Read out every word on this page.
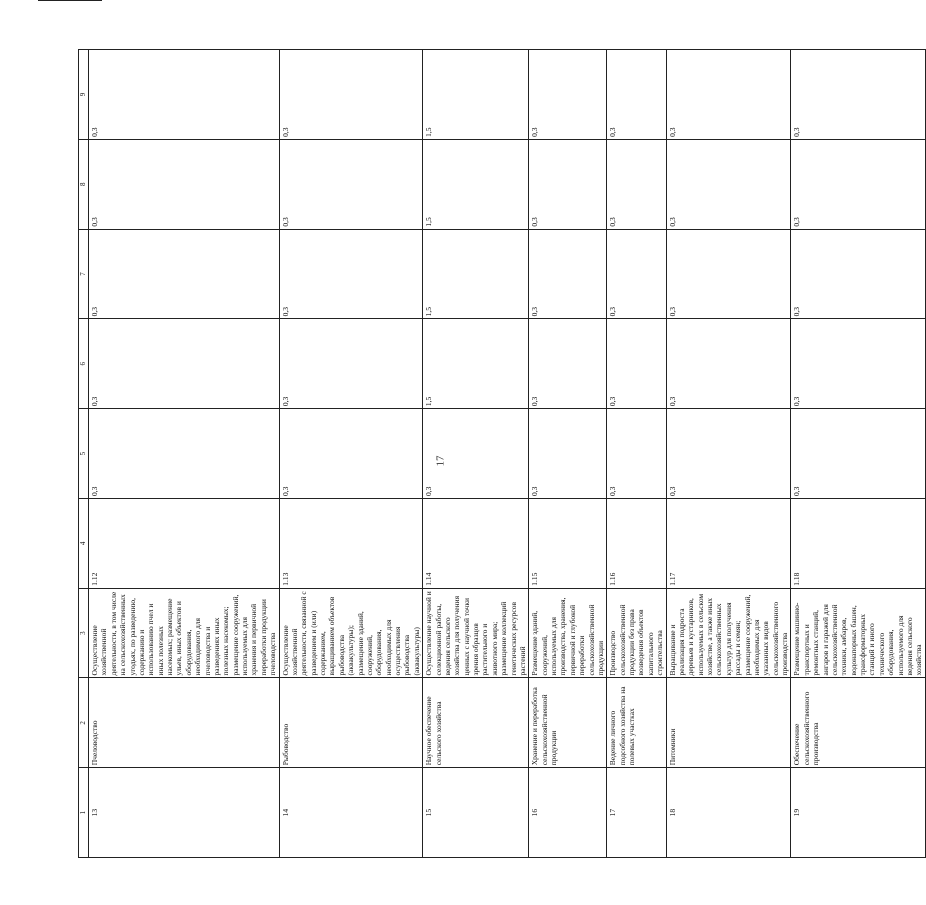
17
1	2	3	4	5	6	7	8	9
13	Пчеловодство	Осуществление хозяйственной деятельности, в том числе на сельскохозяйственных угодьях, по разведению, содержанию и использованию пчел и иных полезных насекомых; размещение ульев, иных объектов и оборудования, необходимого для пчеловодства и разведениях иных полезных насекомых; размещение сооружений, используемых для хранения и первичной переработки продукции пчеловодства	1.12	0,3	0,3	0,3	0,3	0,3
14	Рыбоводство	Осуществление хозяйственной деятельности, связанной с разведением и (или) содержанием, выращиванием объектов рыбоводства (аквакультуры); размещение зданий, сооружений, оборудования, необходимых для осуществления рыбоводства (аквакультуры)	1.13	0,3	0,3	0,3	0,3	0,3
15	Научное обеспечение сельского хозяйства	Осуществление научной и селекционной работы, ведения сельского хозяйства для получения ценных с научной точки зрения образцов растительного и животного мира; размещение коллекций генетических ресурсов растений	1.14	0,3	1,5	1,5	1,5	1,5
16	Хранение и переработка сельскохозяйственной продукции	Размещение зданий, сооружений, используемых для производства, хранения, первичной и глубокой переработки сельскохозяйственной продукции	1.15	0,3	0,3	0,3	0,3	0,3
17	Ведение личного подсобного хозяйства на полевых участках	Производство сельскохозяйственной продукции без права возведения объектов капитального строительства	1.16	0,3	0,3	0,3	0,3	0,3
18	Питомники	Выращивание и реализация подроста деревьев и кустарников, используемых в сельском хозяйстве, а также иных сельскохозяйственных культур для получения рассады и семян; размещение сооружений, необходимых для указанных видов сельскохозяйственного производства	1.17	0,3	0,3	0,3	0,3	0,3
19	Обеспечение сельскохозяйственного производства	Размещение машинно-транспортных и ремонтных станций, ангаров и гаражей для сельскохозяйственной техники, амбаров, водонапорных башен, трансформаторных станций и иного технического оборудования, используемого для ведения сельского хозяйства	1.18	0,3	0,3	0,3	0,3	0,3
